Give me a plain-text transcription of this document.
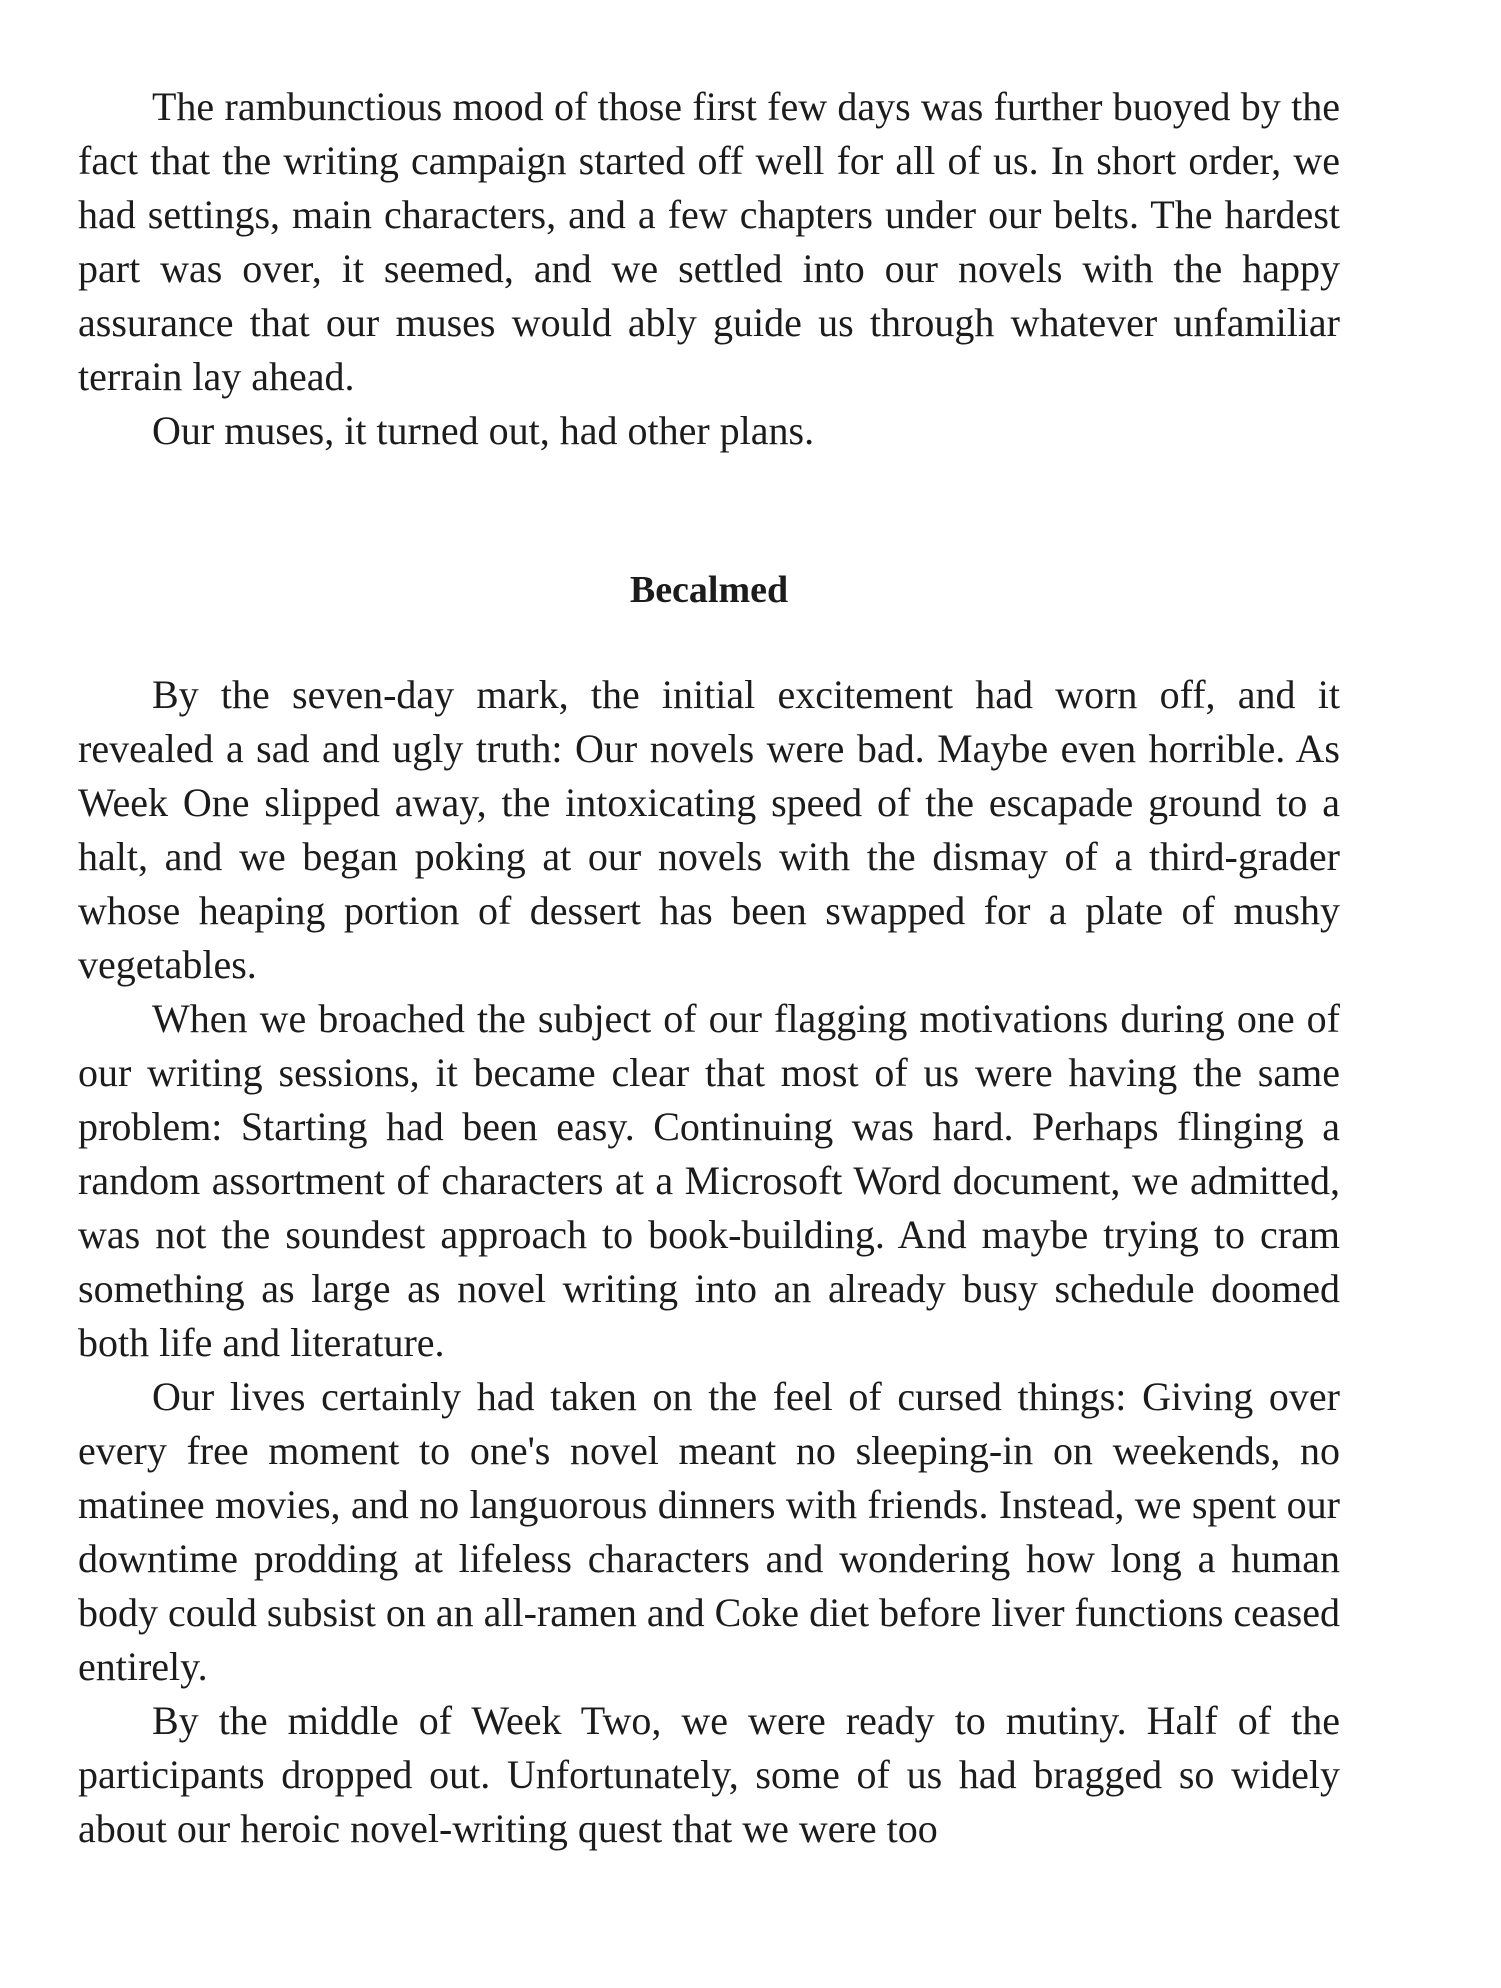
The rambunctious mood of those first few days was further buoyed by the fact that the writing campaign started off well for all of us. In short order, we had settings, main characters, and a few chapters under our belts. The hardest part was over, it seemed, and we settled into our novels with the happy assurance that our muses would ably guide us through whatever unfamiliar terrain lay ahead.

Our muses, it turned out, had other plans.

Becalmed

By the seven-day mark, the initial excitement had worn off, and it revealed a sad and ugly truth: Our novels were bad. Maybe even horrible. As Week One slipped away, the intoxicating speed of the escapade ground to a halt, and we began poking at our novels with the dismay of a third-grader whose heaping portion of dessert has been swapped for a plate of mushy vegetables.

When we broached the subject of our flagging motivations during one of our writing sessions, it became clear that most of us were having the same problem: Starting had been easy. Continuing was hard. Perhaps flinging a random assortment of characters at a Microsoft Word document, we admitted, was not the soundest approach to book-building. And maybe trying to cram something as large as novel writing into an already busy schedule doomed both life and literature.

Our lives certainly had taken on the feel of cursed things: Giving over every free moment to one's novel meant no sleeping-in on weekends, no matinee movies, and no languorous dinners with friends. Instead, we spent our downtime prodding at lifeless characters and wondering how long a human body could subsist on an all-ramen and Coke diet before liver functions ceased entirely.

By the middle of Week Two, we were ready to mutiny. Half of the participants dropped out. Unfortunately, some of us had bragged so widely about our heroic novel-writing quest that we were too
